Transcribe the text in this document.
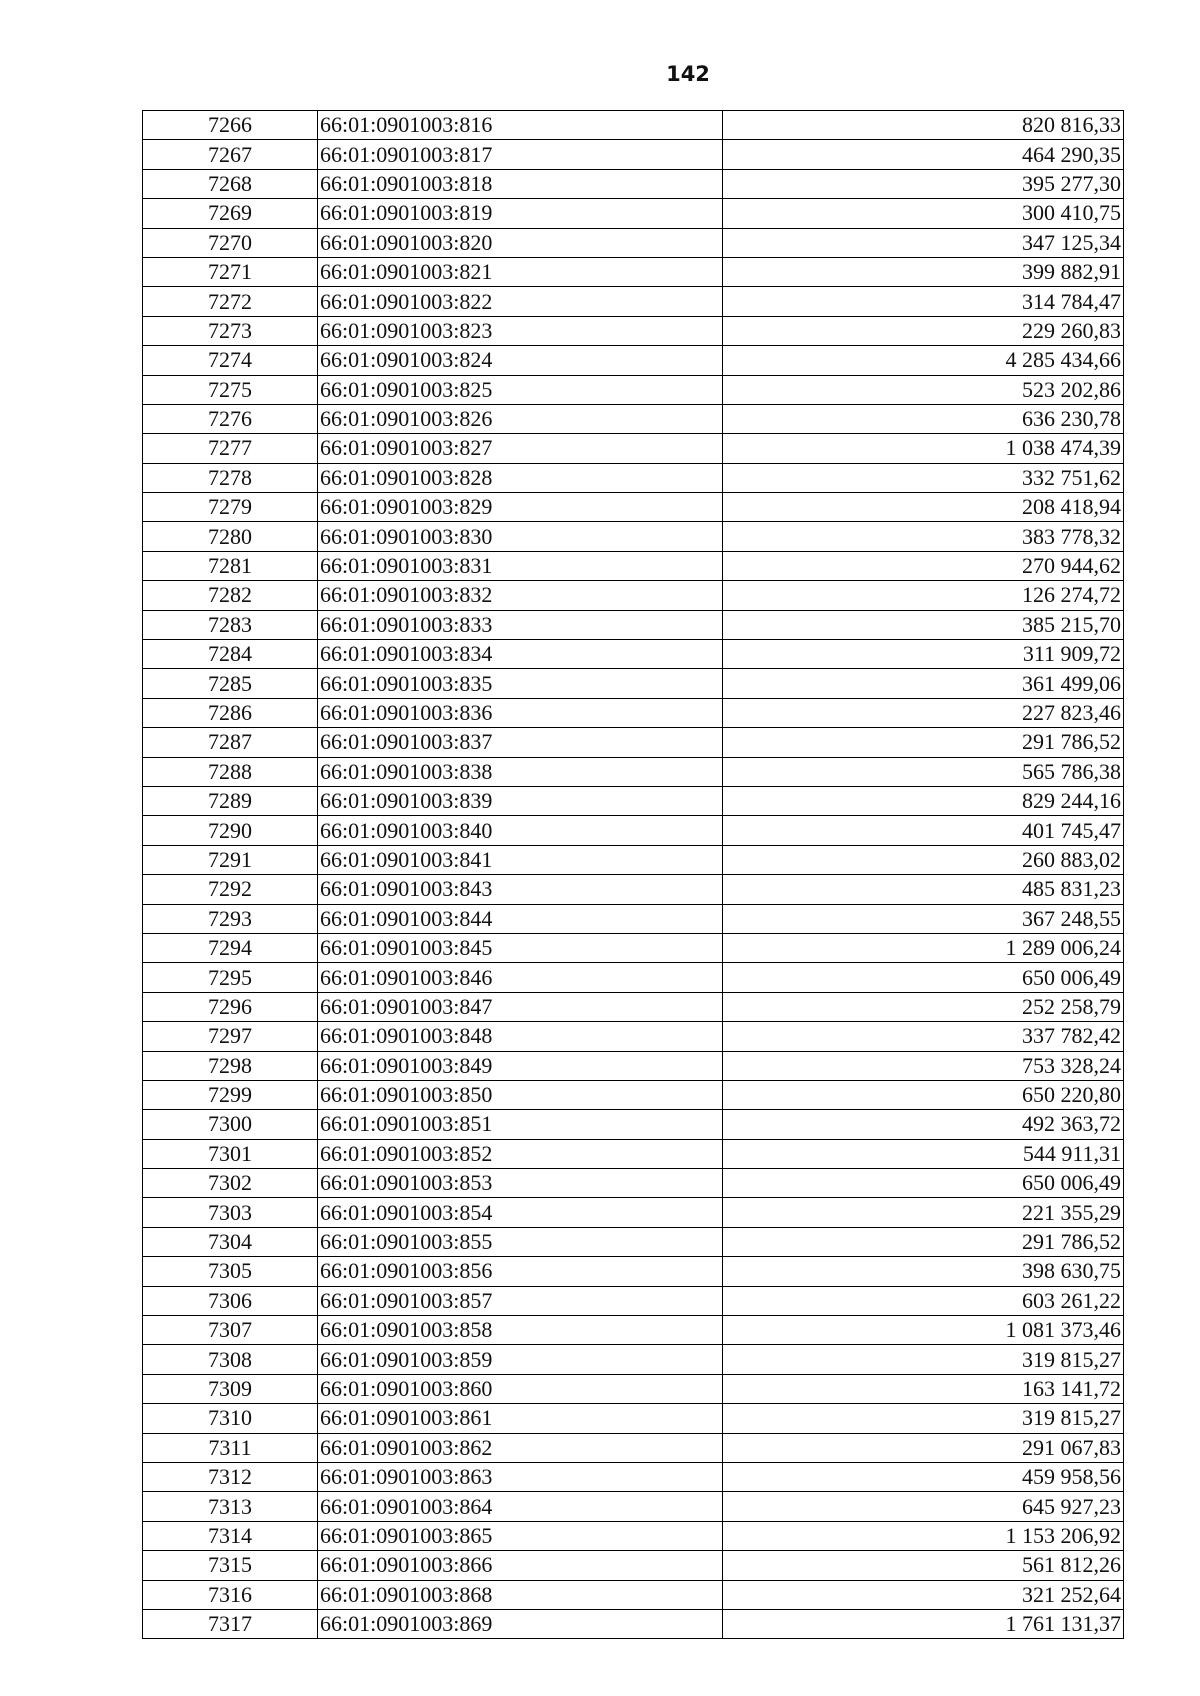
142
7266	66:01:0901003:816	820 816,33
7267	66:01:0901003:817	464 290,35
7268	66:01:0901003:818	395 277,30
7269	66:01:0901003:819	300 410,75
7270	66:01:0901003:820	347 125,34
7271	66:01:0901003:821	399 882,91
7272	66:01:0901003:822	314 784,47
7273	66:01:0901003:823	229 260,83
7274	66:01:0901003:824	4 285 434,66
7275	66:01:0901003:825	523 202,86
7276	66:01:0901003:826	636 230,78
7277	66:01:0901003:827	1 038 474,39
7278	66:01:0901003:828	332 751,62
7279	66:01:0901003:829	208 418,94
7280	66:01:0901003:830	383 778,32
7281	66:01:0901003:831	270 944,62
7282	66:01:0901003:832	126 274,72
7283	66:01:0901003:833	385 215,70
7284	66:01:0901003:834	311 909,72
7285	66:01:0901003:835	361 499,06
7286	66:01:0901003:836	227 823,46
7287	66:01:0901003:837	291 786,52
7288	66:01:0901003:838	565 786,38
7289	66:01:0901003:839	829 244,16
7290	66:01:0901003:840	401 745,47
7291	66:01:0901003:841	260 883,02
7292	66:01:0901003:843	485 831,23
7293	66:01:0901003:844	367 248,55
7294	66:01:0901003:845	1 289 006,24
7295	66:01:0901003:846	650 006,49
7296	66:01:0901003:847	252 258,79
7297	66:01:0901003:848	337 782,42
7298	66:01:0901003:849	753 328,24
7299	66:01:0901003:850	650 220,80
7300	66:01:0901003:851	492 363,72
7301	66:01:0901003:852	544 911,31
7302	66:01:0901003:853	650 006,49
7303	66:01:0901003:854	221 355,29
7304	66:01:0901003:855	291 786,52
7305	66:01:0901003:856	398 630,75
7306	66:01:0901003:857	603 261,22
7307	66:01:0901003:858	1 081 373,46
7308	66:01:0901003:859	319 815,27
7309	66:01:0901003:860	163 141,72
7310	66:01:0901003:861	319 815,27
7311	66:01:0901003:862	291 067,83
7312	66:01:0901003:863	459 958,56
7313	66:01:0901003:864	645 927,23
7314	66:01:0901003:865	1 153 206,92
7315	66:01:0901003:866	561 812,26
7316	66:01:0901003:868	321 252,64
7317	66:01:0901003:869	1 761 131,37
